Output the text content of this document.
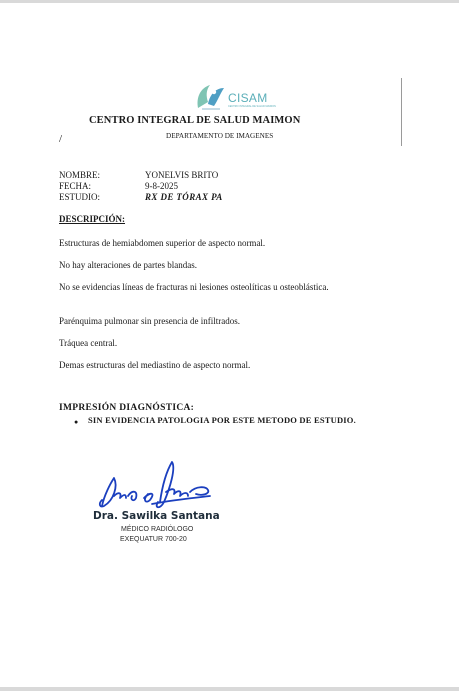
CISAM
CENTRO INTEGRAL DE SALUD MAIMON
CENTRO INTEGRAL DE SALUD MAIMON
/	DEPARTAMENTO DE IMAGENES
NOMBRE:	YONELVIS BRITO
FECHA:	9-8-2025
ESTUDIO:	RX DE TÓRAX PA
DESCRIPCIÓN:
Estructuras de hemiabdomen superior de aspecto normal.
No hay alteraciones de partes blandas.
No se evidencias líneas de fracturas ni lesiones osteolíticas u osteoblástica.
Parénquima pulmonar sin presencia de infiltrados.
Tráquea central.
Demas estructuras del mediastino de aspecto normal.
IMPRESIÓN DIAGNÓSTICA:
● SIN EVIDENCIA PATOLOGIA POR ESTE METODO DE ESTUDIO.
Dra. Sawilka Santana
MÉDICO RADIÓLOGO
EXEQUATUR 700-20
